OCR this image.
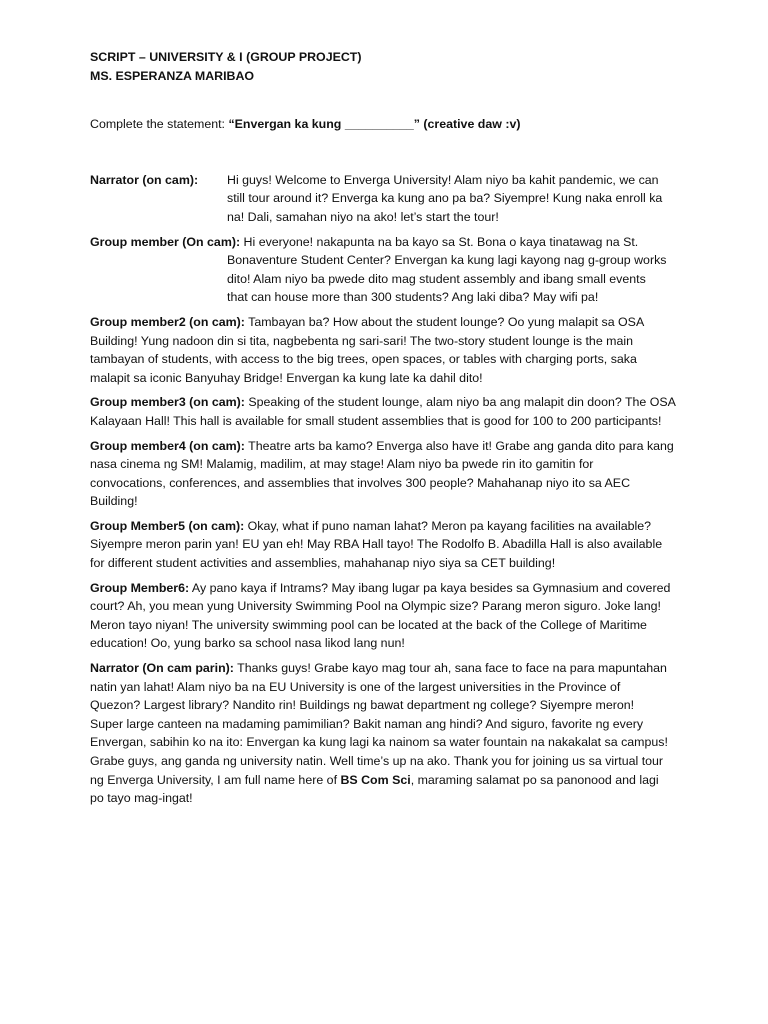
SCRIPT – UNIVERSITY & I (GROUP PROJECT)

MS. ESPERANZA MARIBAO

Complete the statement: “Envergan ka kung __________” (creative daw :v)
Narrator (on cam):	Hi guys! Welcome to Enverga University! Alam niyo ba kahit pandemic, we can
still tour around it? Enverga ka kung ano pa ba? Siyempre! Kung naka enroll ka
na! Dali, samahan niyo na ako! let’s start the tour!
Group member (On cam): Hi everyone! nakapunta na ba kayo sa St. Bona o kaya tinatawag na St.
Bonaventure Student Center? Envergan ka kung lagi kayong nag g-group works
dito! Alam niyo ba pwede dito mag student assembly and ibang small events
that can house more than 300 students? Ang laki diba? May wifi pa!
Group member2 (on cam): Tambayan ba? How about the student lounge? Oo yung malapit sa OSA
Building! Yung nadoon din si tita, nagbebenta ng sari-sari! The two-story student lounge is the main
tambayan of students, with access to the big trees, open spaces, or tables with charging ports, saka
malapit sa iconic Banyuhay Bridge! Envergan ka kung late ka dahil dito!
Group member3 (on cam): Speaking of the student lounge, alam niyo ba ang malapit din doon? The OSA
Kalayaan Hall! This hall is available for small student assemblies that is good for 100 to 200 participants!
Group member4 (on cam): Theatre arts ba kamo? Enverga also have it! Grabe ang ganda dito para kang
nasa cinema ng SM! Malamig, madilim, at may stage! Alam niyo ba pwede rin ito gamitin for
convocations, conferences, and assemblies that involves 300 people? Mahahanap niyo ito sa AEC
Building!
Group Member5 (on cam): Okay, what if puno naman lahat? Meron pa kayang facilities na available?
Siyempre meron parin yan! EU yan eh! May RBA Hall tayo! The Rodolfo B. Abadilla Hall is also available
for different student activities and assemblies, mahahanap niyo siya sa CET building!
Group Member6: Ay pano kaya if Intrams? May ibang lugar pa kaya besides sa Gymnasium and covered
court? Ah, you mean yung University Swimming Pool na Olympic size? Parang meron siguro. Joke lang!
Meron tayo niyan! The university swimming pool can be located at the back of the College of Maritime
education! Oo, yung barko sa school nasa likod lang nun!
Narrator (On cam parin): Thanks guys! Grabe kayo mag tour ah, sana face to face na para mapuntahan
natin yan lahat! Alam niyo ba na EU University is one of the largest universities in the Province of
Quezon? Largest library? Nandito rin! Buildings ng bawat department ng college? Siyempre meron!
Super large canteen na madaming pamimilian? Bakit naman ang hindi? And siguro, favorite ng every
Envergan, sabihin ko na ito: Envergan ka kung lagi ka nainom sa water fountain na nakakalat sa campus!
Grabe guys, ang ganda ng university natin. Well time’s up na ako. Thank you for joining us sa virtual tour
ng Enverga University, I am full name here of BS Com Sci, maraming salamat po sa panonood and lagi
po tayo mag-ingat!
